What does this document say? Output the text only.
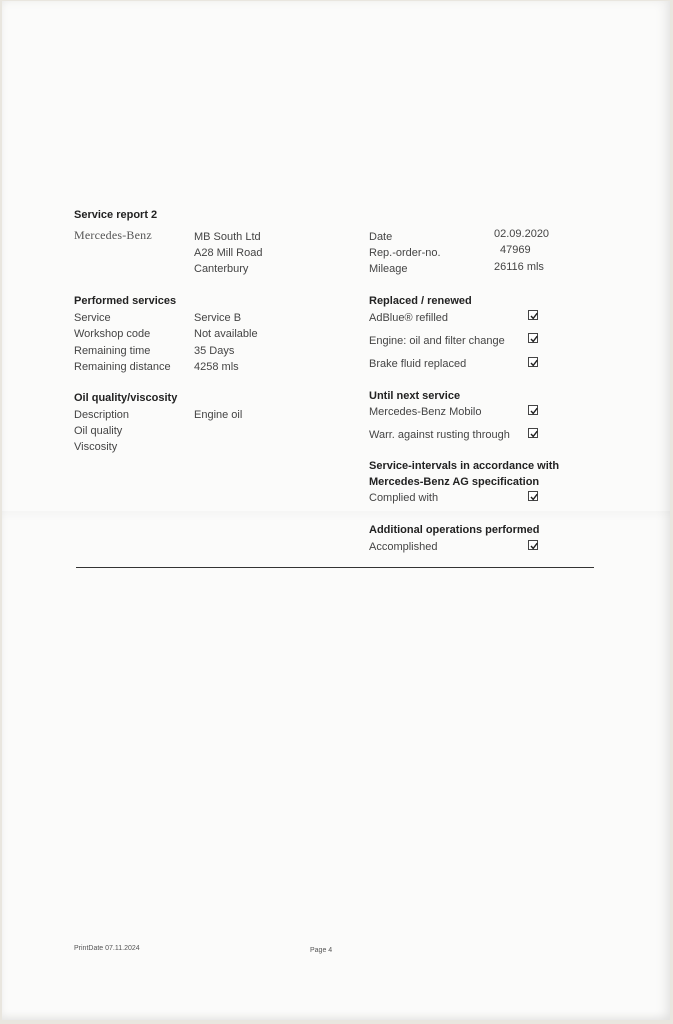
Service report 2
Mercedes-Benz	MB South Ltd
A28 Mill Road
Canterbury
Date	02.09.2020
Rep.-order-no.	47969
Mileage	26116 mls
Performed services
Service	Service B
Workshop code	Not available
Remaining time	35 Days
Remaining distance 4258 mls
Oil quality/viscosity
Description	Engine oil
Oil quality
Viscosity
Replaced / renewed
AdBlue® refilled
Engine: oil and filter change
Brake fluid replaced
Until next service
Mercedes-Benz Mobilo
Warr. against rusting through
Service-intervals in accordance with
Mercedes-Benz AG specification
Complied with
Additional operations performed
Accomplished
PrintDate 07.11.2024	Page 4
